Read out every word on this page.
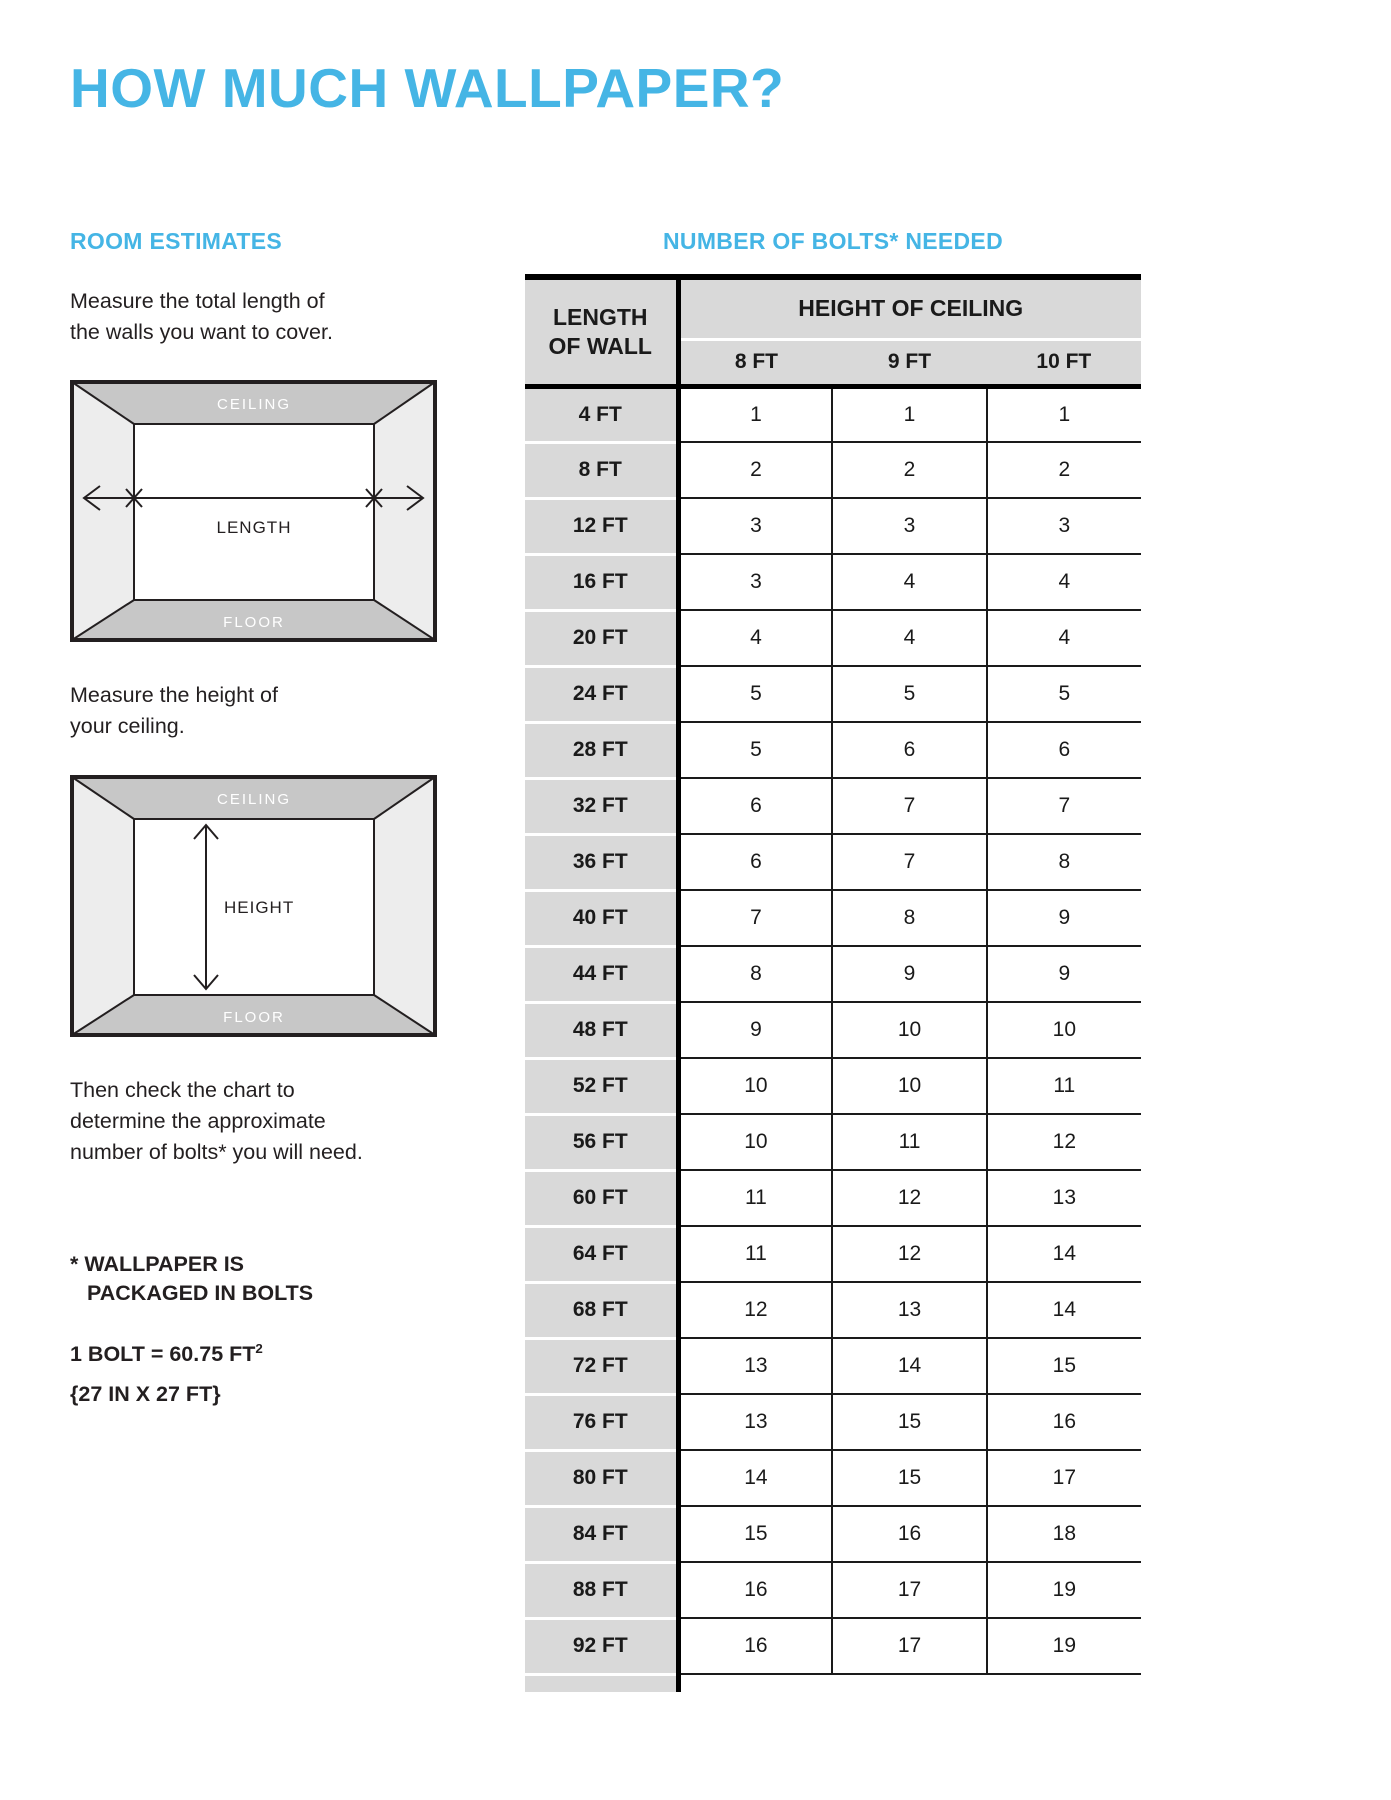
HOW MUCH WALLPAPER?
ROOM ESTIMATES
Measure the total length of
the walls you want to cover.
CEILING
FLOOR
LENGTH
Measure the height of
your ceiling.
CEILING
FLOOR
HEIGHT
Then check the chart to
determine the approximate
number of bolts* you will need.
* WALLPAPER IS
PACKAGED IN BOLTS
1 BOLT = 60.75 $FT^2$
{27 IN X 27 FT}
NUMBER OF BOLTS* NEEDED
LENGTH OF WALL	HEIGHT OF CEILING		
	8 FT	9 FT	10 FT
4 FT	1	1	1
8 FT	2	2	2
12 FT	3	3	3
16 FT	3	4	4
20 FT	4	4	4
24 FT	5	5	5
28 FT	5	6	6
32 FT	6	7	7
36 FT	6	7	8
40 FT	7	8	9
44 FT	8	9	9
48 FT	9	10	10
52 FT	10	10	11
56 FT	10	11	12
60 FT	11	12	13
64 FT	11	12	14
68 FT	12	13	14
72 FT	13	14	15
76 FT	13	15	16
80 FT	14	15	17
84 FT	15	16	18
88 FT	16	17	19
92 FT	16	17	19
